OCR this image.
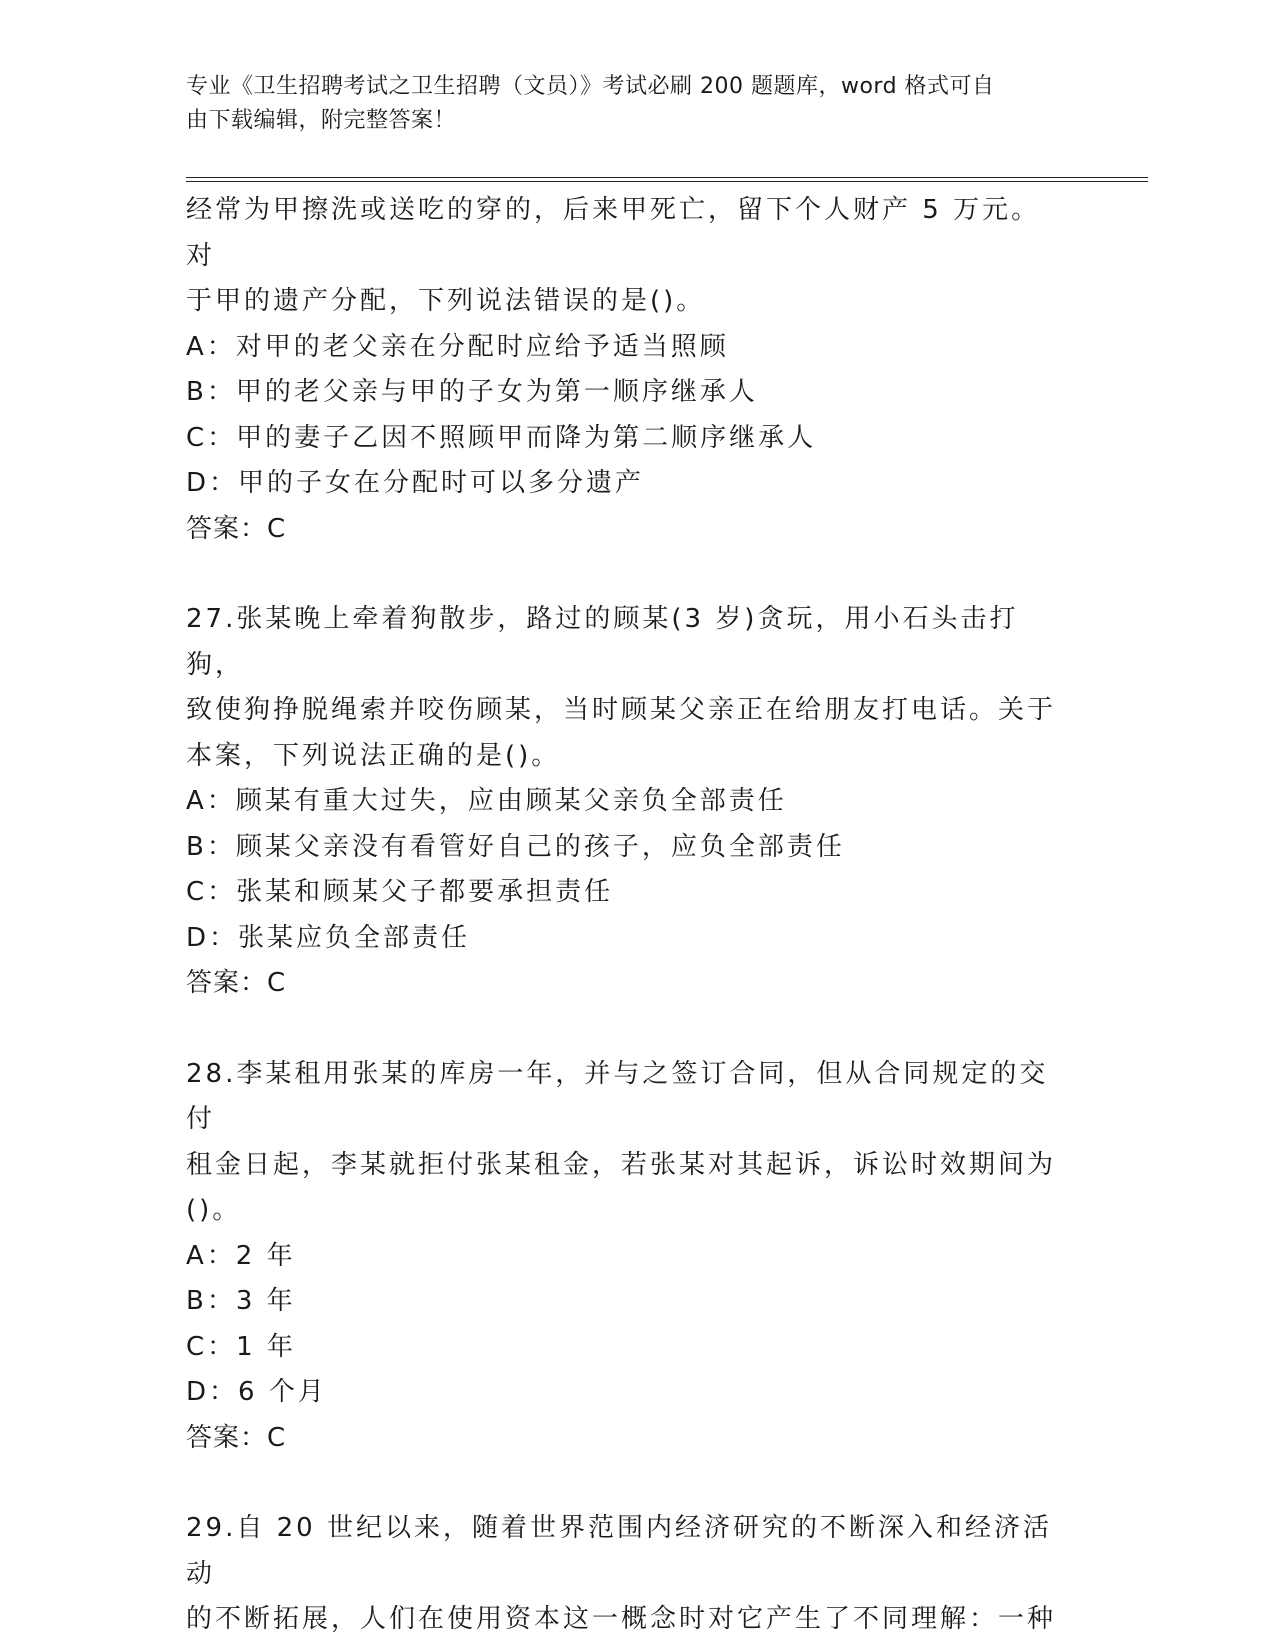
专业《卫生招聘考试之卫生招聘（文员）》考试必刷 200 题题库，word 格式可自
由下载编辑，附完整答案！

经常为甲擦洗或送吃的穿的，后来甲死亡，留下个人财产 5 万元。对

于甲的遗产分配，下列说法错误的是()。

A：对甲的老父亲在分配时应给予适当照顾

B：甲的老父亲与甲的子女为第一顺序继承人

C：甲的妻子乙因不照顾甲而降为第二顺序继承人

D：甲的子女在分配时可以多分遗产

答案：C

27.张某晚上牵着狗散步，路过的顾某(3 岁)贪玩，用小石头击打狗，

致使狗挣脱绳索并咬伤顾某，当时顾某父亲正在给朋友打电话。关于

本案，下列说法正确的是()。

A：顾某有重大过失，应由顾某父亲负全部责任

B：顾某父亲没有看管好自己的孩子，应负全部责任

C：张某和顾某父子都要承担责任

D：张某应负全部责任

答案：C

28.李某租用张某的库房一年，并与之签订合同，但从合同规定的交付

租金日起，李某就拒付张某租金，若张某对其起诉，诉讼时效期间为

()。

A：2 年

B：3 年

C：1 年

D：6 个月

答案：C

29.自 20 世纪以来，随着世界范围内经济研究的不断深入和经济活动

的不断拓展，人们在使用资本这一概念时对它产生了不同理解：一种
